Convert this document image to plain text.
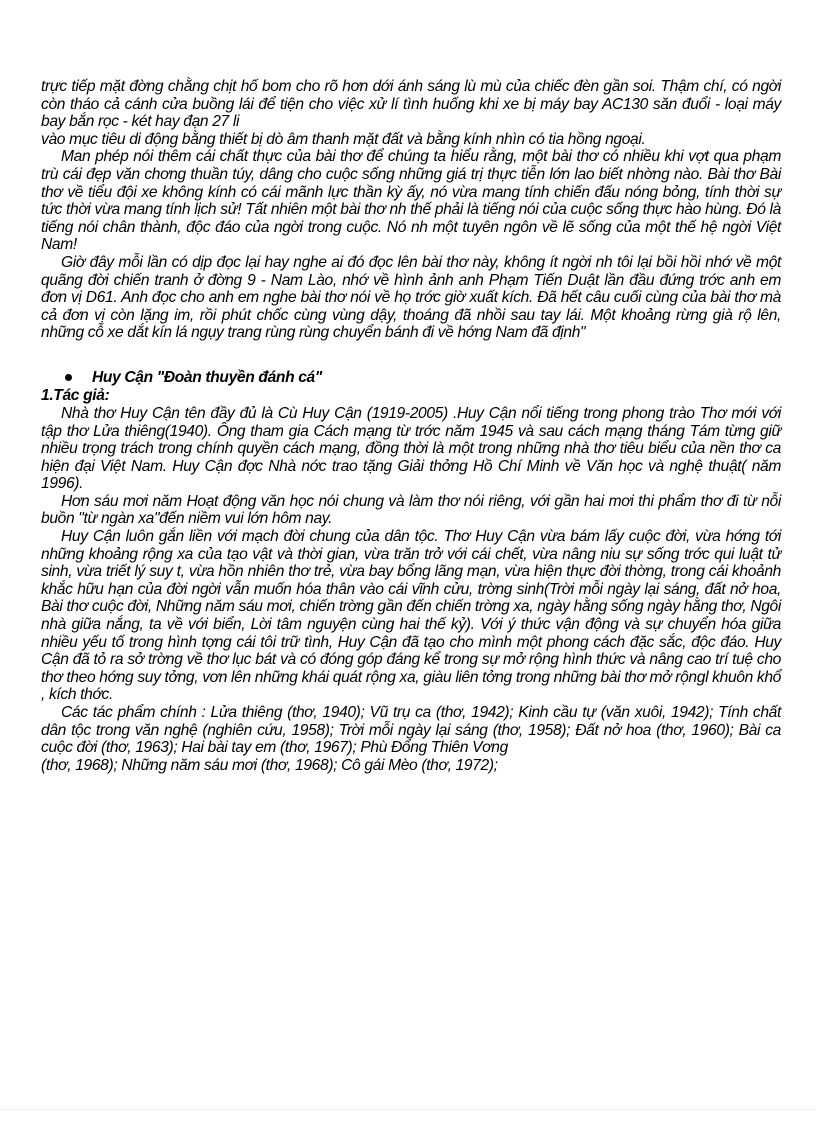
trực tiếp mặt đờng chằng chịt hố bom cho rõ hơn dới ánh sáng lù mù của chiếc đèn gần soi. Thậm chí, có ngời còn tháo cả cánh cửa buồng lái để tiện cho việc xử lí tình huống khi xe bị máy bay AC130 săn đuổi - loại máy bay bắn rọc - két hay đạn 27 li

vào mục tiêu di động bằng thiết bị dò âm thanh mặt đất và bằng kính nhìn có tia hồng ngoại.

Man phép nói thêm cái chất thực của bài thơ để chúng ta hiểu rằng, một bài thơ có nhiều khi vợt qua phạm trù cái đẹp văn chơng thuần túy, dâng cho cuộc sống những giá trị thực tiễn lớn lao biết nhờng nào. Bài thơ Bài thơ về tiểu đội xe không kính có cái mãnh lực thần kỳ ấy, nó vừa mang tính chiến đấu nóng bỏng, tính thời sự tức thời vừa mang tính lịch sử! Tất nhiên một bài thơ nh thế phải là tiếng nói của cuộc sống thực hào hùng. Đó là tiếng nói chân thành, độc đáo của ngời trong cuộc. Nó nh một tuyên ngôn về lẽ sống của một thế hệ ngời Việt Nam!

Giờ đây mỗi lần có dịp đọc lại hay nghe ai đó đọc lên bài thơ này, không ít ngời nh tôi lại bồi hồi nhớ về một quãng đời chiến tranh ở đờng 9 - Nam Lào, nhớ về hình ảnh anh Phạm Tiến Duật lần đầu đứng trớc anh em đơn vị D61. Anh đọc cho anh em nghe bài thơ nói về họ trớc giờ xuất kích. Đã hết câu cuối cùng của bài thơ mà cả đơn vị còn lặng im, rồi phút chốc cùng vùng dậy, thoáng đã nhồi sau tay lái. Một khoảng rừng già rộ lên, những cỗ xe dắt kín lá ngụy trang rùng rùng chuyển bánh đi về hớng Nam đã định"

Huy Cận "Đoàn thuyền đánh cá"

1.Tác giả:

Nhà thơ Huy Cận tên đầy đủ là Cù Huy Cận (1919-2005) .Huy Cận nổi tiếng trong phong trào Thơ mới với tập thơ Lửa thiêng(1940). Ông tham gia Cách mạng từ trớc năm 1945 và sau cách mạng tháng Tám từng giữ nhiều trọng trách trong chính quyền cách mạng, đồng thời là một trong những nhà thơ tiêu biểu của nền thơ ca hiện đại Việt Nam. Huy Cận đợc Nhà nớc trao tặng Giải thởng Hồ Chí Minh về Văn học và nghệ thuật( năm 1996).

Hơn sáu mơi năm Hoạt động văn học nói chung và làm thơ nói riêng, với gần hai mơi thi phẩm thơ đi từ nỗi buồn "từ ngàn xa"đến niềm vui lớn hôm nay.

Huy Cận luôn gắn liền với mạch đời chung của dân tộc. Thơ Huy Cận vừa bám lấy cuộc đời, vừa hớng tới những khoảng rộng xa của tạo vật và thời gian, vừa trăn trở với cái chết, vừa nâng niu sự sống trớc qui luật tử sinh, vừa triết lý suy t, vừa hồn nhiên thơ trẻ, vừa bay bổng lãng mạn, vừa hiện thực đời thờng, trong cái khoảnh khắc hữu hạn của đời ngời vẫn muốn hóa thân vào cái vĩnh cửu, trờng sinh(Trời mỗi ngày lại sáng, đất nở hoa, Bài thơ cuộc đời, Những năm sáu mơi, chiến trờng gần đến chiến trờng xa, ngày hằng sống ngày hằng thơ, Ngôi nhà giữa nắng, ta về với biển, Lời tâm nguyện cùng hai thế kỷ). Với ý thức vận động và sự chuyển hóa giữa nhiều yếu tố trong hình tợng cái tôi trữ tình, Huy Cận đã tạo cho mình một phong cách đặc sắc, độc đáo. Huy Cận đã tỏ ra sở trờng về thơ lục bát và có đóng góp đáng kể trong sự mở rộng hình thức và nâng cao trí tuệ cho thơ theo hớng suy tởng, vơn lên những khái quát rộng xa, giàu liên tởng trong những bài thơ mở rộngl khuôn khổ , kích thớc.

Các tác phẩm chính : Lửa thiêng (thơ, 1940); Vũ trụ ca (thơ, 1942); Kinh cầu tự (văn xuôi, 1942); Tính chất dân tộc trong văn nghệ (nghiên cứu, 1958); Trời mỗi ngày lại sáng (thơ, 1958); Đất nở hoa (thơ, 1960); Bài ca cuộc đời (thơ, 1963); Hai bài tay em (thơ, 1967); Phù Đổng Thiên Vơng

(thơ, 1968); Những năm sáu mơi (thơ, 1968); Cô gái Mèo (thơ, 1972);
